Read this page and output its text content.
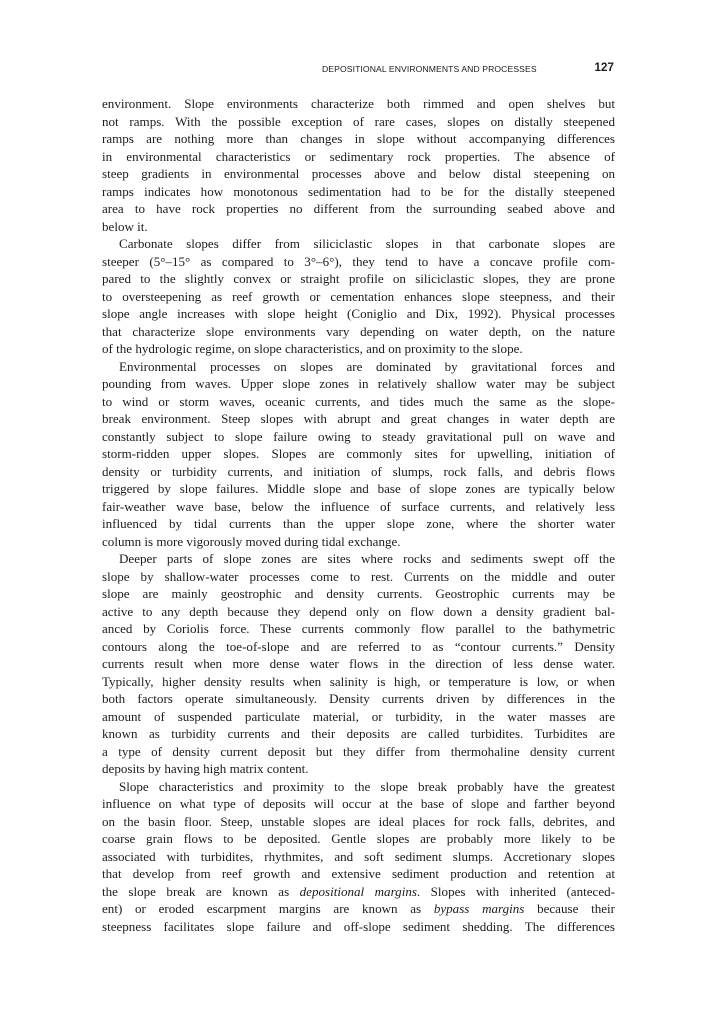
DEPOSITIONAL ENVIRONMENTS AND PROCESSES	127
environment. Slope environments characterize both rimmed and open shelves but
not ramps. With the possible exception of rare cases, slopes on distally steepened
ramps are nothing more than changes in slope without accompanying differences
in environmental characteristics or sedimentary rock properties. The absence of
steep gradients in environmental processes above and below distal steepening on
ramps indicates how monotonous sedimentation had to be for the distally steepened
area to have rock properties no different from the surrounding seabed above and
below it.
Carbonate slopes differ from siliciclastic slopes in that carbonate slopes are
steeper (5°–15° as compared to 3°–6°), they tend to have a concave profile com-
pared to the slightly convex or straight profile on siliciclastic slopes, they are prone
to oversteepening as reef growth or cementation enhances slope steepness, and their
slope angle increases with slope height (Coniglio and Dix, 1992). Physical processes
that characterize slope environments vary depending on water depth, on the nature
of the hydrologic regime, on slope characteristics, and on proximity to the slope.
Environmental processes on slopes are dominated by gravitational forces and
pounding from waves. Upper slope zones in relatively shallow water may be subject
to wind or storm waves, oceanic currents, and tides much the same as the slope-
break environment. Steep slopes with abrupt and great changes in water depth are
constantly subject to slope failure owing to steady gravitational pull on wave and
storm-ridden upper slopes. Slopes are commonly sites for upwelling, initiation of
density or turbidity currents, and initiation of slumps, rock falls, and debris flows
triggered by slope failures. Middle slope and base of slope zones are typically below
fair-weather wave base, below the influence of surface currents, and relatively less
influenced by tidal currents than the upper slope zone, where the shorter water
column is more vigorously moved during tidal exchange.
Deeper parts of slope zones are sites where rocks and sediments swept off the
slope by shallow-water processes come to rest. Currents on the middle and outer
slope are mainly geostrophic and density currents. Geostrophic currents may be
active to any depth because they depend only on flow down a density gradient bal-
anced by Coriolis force. These currents commonly flow parallel to the bathymetric
contours along the toe-of-slope and are referred to as “contour currents.” Density
currents result when more dense water flows in the direction of less dense water.
Typically, higher density results when salinity is high, or temperature is low, or when
both factors operate simultaneously. Density currents driven by differences in the
amount of suspended particulate material, or turbidity, in the water masses are
known as turbidity currents and their deposits are called turbidites. Turbidites are
a type of density current deposit but they differ from thermohaline density current
deposits by having high matrix content.
Slope characteristics and proximity to the slope break probably have the greatest
influence on what type of deposits will occur at the base of slope and farther beyond
on the basin floor. Steep, unstable slopes are ideal places for rock falls, debrites, and
coarse grain flows to be deposited. Gentle slopes are probably more likely to be
associated with turbidites, rhythmites, and soft sediment slumps. Accretionary slopes
that develop from reef growth and extensive sediment production and retention at
the slope break are known as depositional margins. Slopes with inherited (anteced-
ent) or eroded escarpment margins are known as bypass margins because their
steepness facilitates slope failure and off-slope sediment shedding. The differences
